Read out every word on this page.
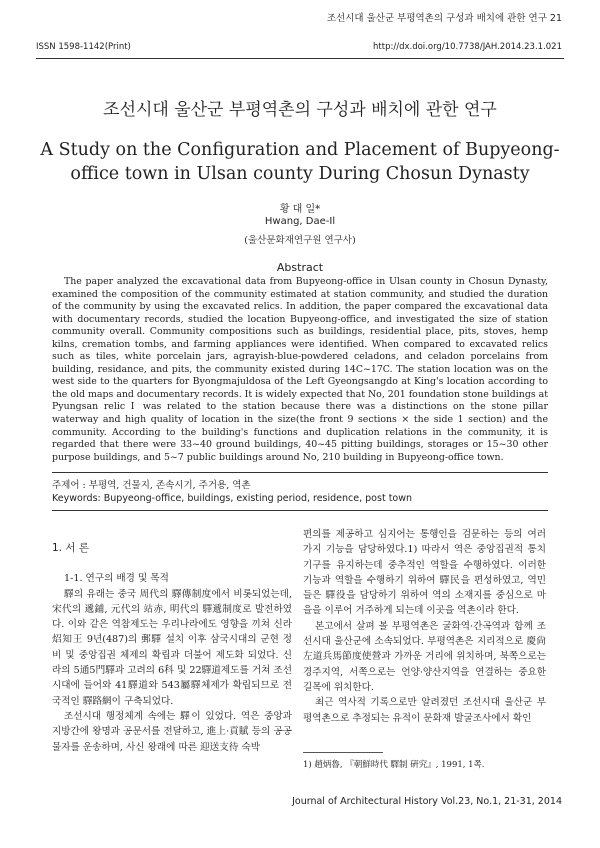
조선시대 울산군 부평역촌의 구성과 배치에 관한 연구 21
ISSN 1598-1142(Print)	http://dx.doi.org/10.7738/JAH.2014.23.1.021
조선시대 울산군 부평역촌의 구성과 배치에 관한 연구
A Study on the Configuration and Placement of Bupyeong-office town in Ulsan county During Chosun Dynasty
황 대 일*
Hwang, Dae-Il
(울산문화재연구원 연구사)
Abstract

The paper analyzed the excavational data from Bupyeong-office in Ulsan county in Chosun Dynasty, examined the composition of the community estimated at station community, and studied the duration of the community by using the excavated relics. In addition, the paper compared the excavational data with documentary records, studied the location Bupyeong-office, and investigated the size of station community overall. Community compositions such as buildings, residential place, pits, stoves, hemp kilns, cremation tombs, and farming appliances were identified. When compared to excavated relics such as tiles, white porcelain jars, agrayish-blue-powdered celadons, and celadon porcelains from building, residance, and pits, the community existed during 14C~17C. The station location was on the west side to the quarters for Byongmajuldosa of the Left Gyeongsangdo at King's location according to the old maps and documentary records. It is widely expected that No, 201 foundation stone buildings at Pyungsan relic Ⅰ was related to the station because there was a distinctions on the stone pillar waterway and high quality of location in the size(the front 9 sections × the side 1 section) and the community. According to the building's functions and duplication relations in the community, it is regarded that there were 33~40 ground buildings, 40~45 pitting buildings, storages or 15~30 other purpose buildings, and 5~7 public buildings around No, 210 building in Bupyeong-office town.

주제어 : 부평역, 건물지, 존속시기, 주거용, 역촌
Keywords: Bupyeong-office, buildings, existing period, residence, post town
1. 서 론

1-1. 연구의 배경 및 목적

驛의 유래는 중국 周代의 驛傳制度에서 비롯되었는데, 宋代의 遞鋪, 元代의 站赤, 明代의 驛遞制度로 발전하였다. 이와 같은 역참제도는 우리나라에도 영향을 끼쳐 신라 炤知王 9년(487)의 郵驛 설치 이후 삼국시대의 군현 정비 및 중앙집권 체제의 확립과 더불어 제도화 되었다. 신라의 5通5門驛과 고려의 6科 및 22驛道제도를 거쳐 조선시대에 들어와 41驛道와 543屬驛체제가 확립되므로 전국적인 驛路網이 구축되었다.

조선시대 행정체계 속에는 驛이 있었다. 역은 중앙과 지방간에 왕명과 공문서를 전달하고, 進上·貢賦 등의 공공 물자를 운송하며, 사신 왕래에 따른 迎送支待 숙박

편의를 제공하고 심지어는 통행인을 검문하는 등의 여러 가지 기능을 담당하였다.1) 따라서 역은 중앙집권적 통치 기구를 유지하는데 중추적인 역할을 수행하였다. 이러한 기능과 역할을 수행하기 위하여 驛民을 편성하였고, 역민들은 驛役을 담당하기 위하여 역의 소재지를 중심으로 마을을 이루어 거주하게 되는데 이곳을 역촌이라 한다.

본고에서 살펴 볼 부평역촌은 굴화역·간곡역과 함께 조선시대 울산군에 소속되었다. 부평역촌은 지리적으로 慶尙左道兵馬節度使營과 가까운 거리에 위치하며, 북쪽으로는 경주지역, 서쪽으로는 언양·양산지역을 연결하는 중요한 길목에 위치한다.

최근 역사적 기록으로만 알려졌던 조선시대 울산군 부평역촌으로 추정되는 유적이 문화재 발굴조사에서 확인

1) 趙炳魯, 『朝鮮時代 驛制 硏究』, 1991, 1쪽.
Journal of Architectural History Vol.23, No.1, 21-31, 2014
